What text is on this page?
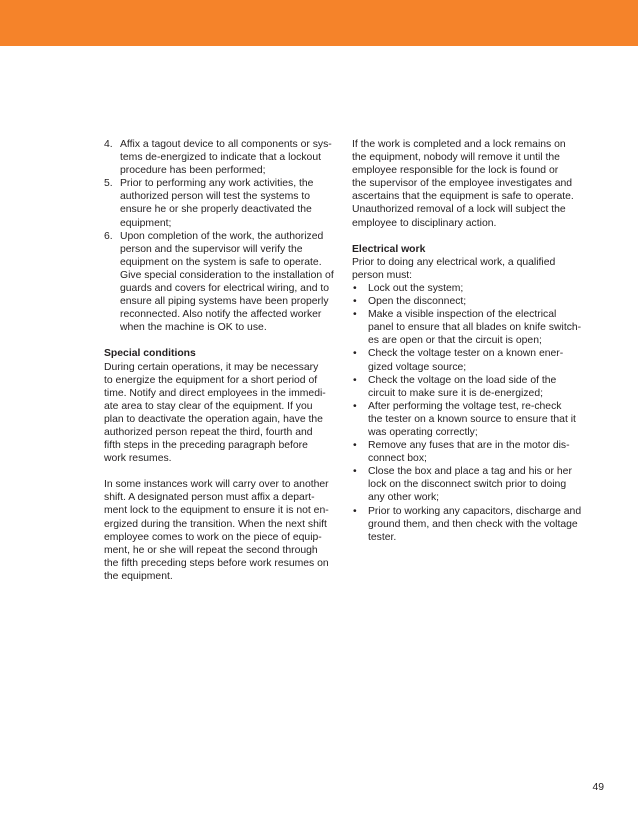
4. Affix a tagout device to all components or sys-
tems de-energized to indicate that a lockout
procedure has been performed;
5. Prior to performing any work activities, the
authorized person will test the systems to
ensure he or she properly deactivated the
equipment;
6. Upon completion of the work, the authorized
person and the supervisor will verify the
equipment on the system is safe to operate.
Give special consideration to the installation of
guards and covers for electrical wiring, and to
ensure all piping systems have been properly
reconnected. Also notify the affected worker
when the machine is OK to use.
Special conditions
During certain operations, it may be necessary
to energize the equipment for a short period of
time. Notify and direct employees in the immedi-
ate area to stay clear of the equipment. If you
plan to deactivate the operation again, have the
authorized person repeat the third, fourth and
fifth steps in the preceding paragraph before
work resumes.
In some instances work will carry over to another
shift. A designated person must affix a depart-
ment lock to the equipment to ensure it is not en-
ergized during the transition. When the next shift
employee comes to work on the piece of equip-
ment, he or she will repeat the second through
the fifth preceding steps before work resumes on
the equipment.
If the work is completed and a lock remains on
the equipment, nobody will remove it until the
employee responsible for the lock is found or
the supervisor of the employee investigates and
ascertains that the equipment is safe to operate.
Unauthorized removal of a lock will subject the
employee to disciplinary action.
Electrical work
Prior to doing any electrical work, a qualified
person must:
•	Lock out the system;
•	Open the disconnect;
•	Make a visible inspection of the electrical
panel to ensure that all blades on knife switch-
es are open or that the circuit is open;
•	Check the voltage tester on a known ener-
gized voltage source;
•	Check the voltage on the load side of the
circuit to make sure it is de-energized;
•	After performing the voltage test, re-check
the tester on a known source to ensure that it
was operating correctly;
•	Remove any fuses that are in the motor dis-
connect box;
•	Close the box and place a tag and his or her
lock on the disconnect switch prior to doing
any other work;
•	Prior to working any capacitors, discharge and
ground them, and then check with the voltage
tester.
49
